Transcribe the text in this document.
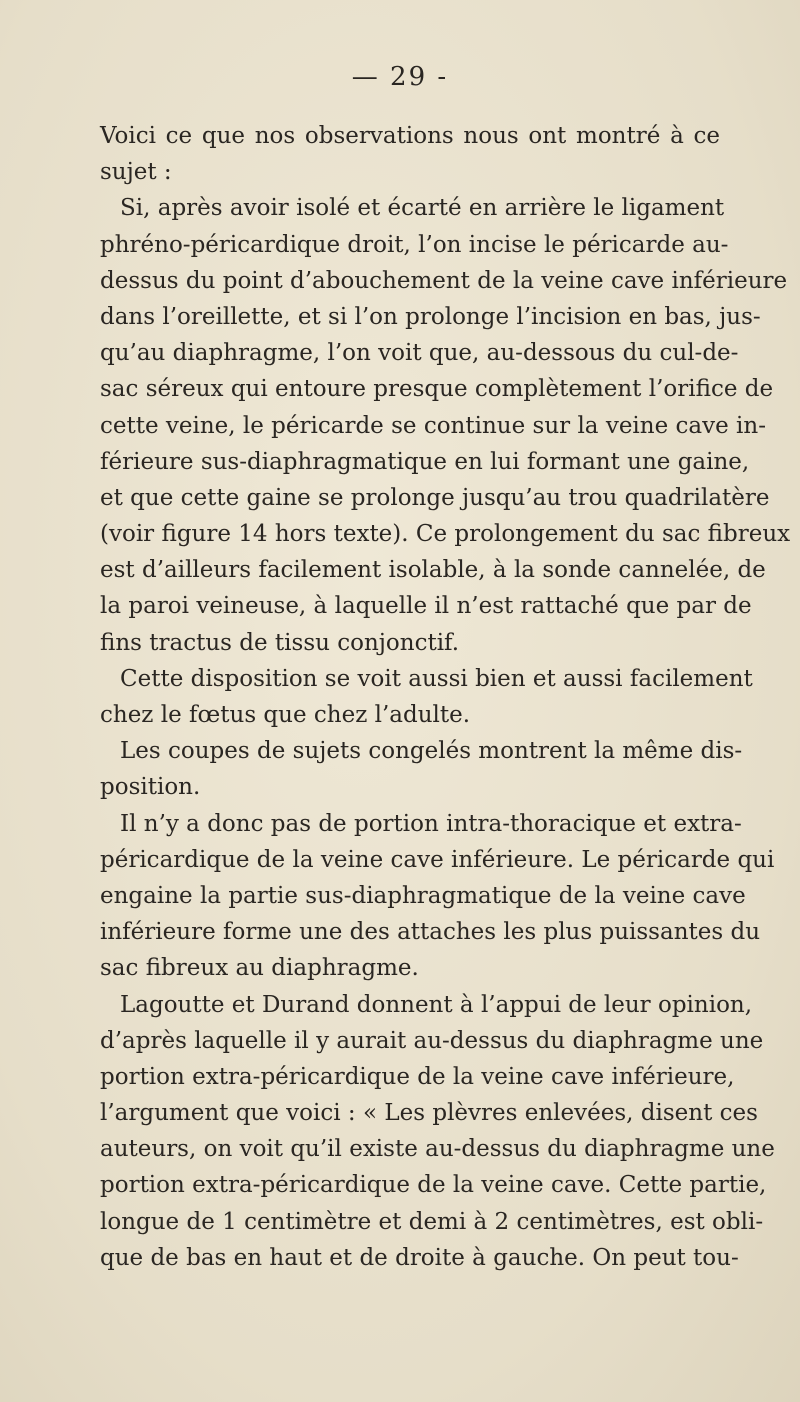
— 29 -
Voici ce que nos observations nous ont montré à ce
sujet :
Si, après avoir isolé et écarté en arrière le ligament
phréno-péricardique droit, l’on incise le péricarde au-
dessus du point d’abouchement de la veine cave inférieure
dans l’oreillette, et si l’on prolonge l’incision en bas, jus-
qu’au diaphragme, l’on voit que, au-dessous du cul-de-
sac séreux qui entoure presque complètement l’orifice de
cette veine, le péricarde se continue sur la veine cave in-
férieure sus-diaphragmatique en lui formant une gaine,
et que cette gaine se prolonge jusqu’au trou quadrilatère
(voir figure 14 hors texte). Ce prolongement du sac fibreux
est d’ailleurs facilement isolable, à la sonde cannelée, de
la paroi veineuse, à laquelle il n’est rattaché que par de
fins tractus de tissu conjonctif.
Cette disposition se voit aussi bien et aussi facilement
chez le fœtus que chez l’adulte.
Les coupes de sujets congelés montrent la même dis-
position.
Il n’y a donc pas de portion intra-thoracique et extra-
péricardique de la veine cave inférieure. Le péricarde qui
engaine la partie sus-diaphragmatique de la veine cave
inférieure forme une des attaches les plus puissantes du
sac fibreux au diaphragme.
Lagoutte et Durand donnent à l’appui de leur opinion,
d’après laquelle il y aurait au-dessus du diaphragme une
portion extra-péricardique de la veine cave inférieure,
l’argument que voici : « Les plèvres enlevées, disent ces
auteurs, on voit qu’il existe au-dessus du diaphragme une
portion extra-péricardique de la veine cave. Cette partie,
longue de 1 centimètre et demi à 2 centimètres, est obli-
que de bas en haut et de droite à gauche. On peut tou-
